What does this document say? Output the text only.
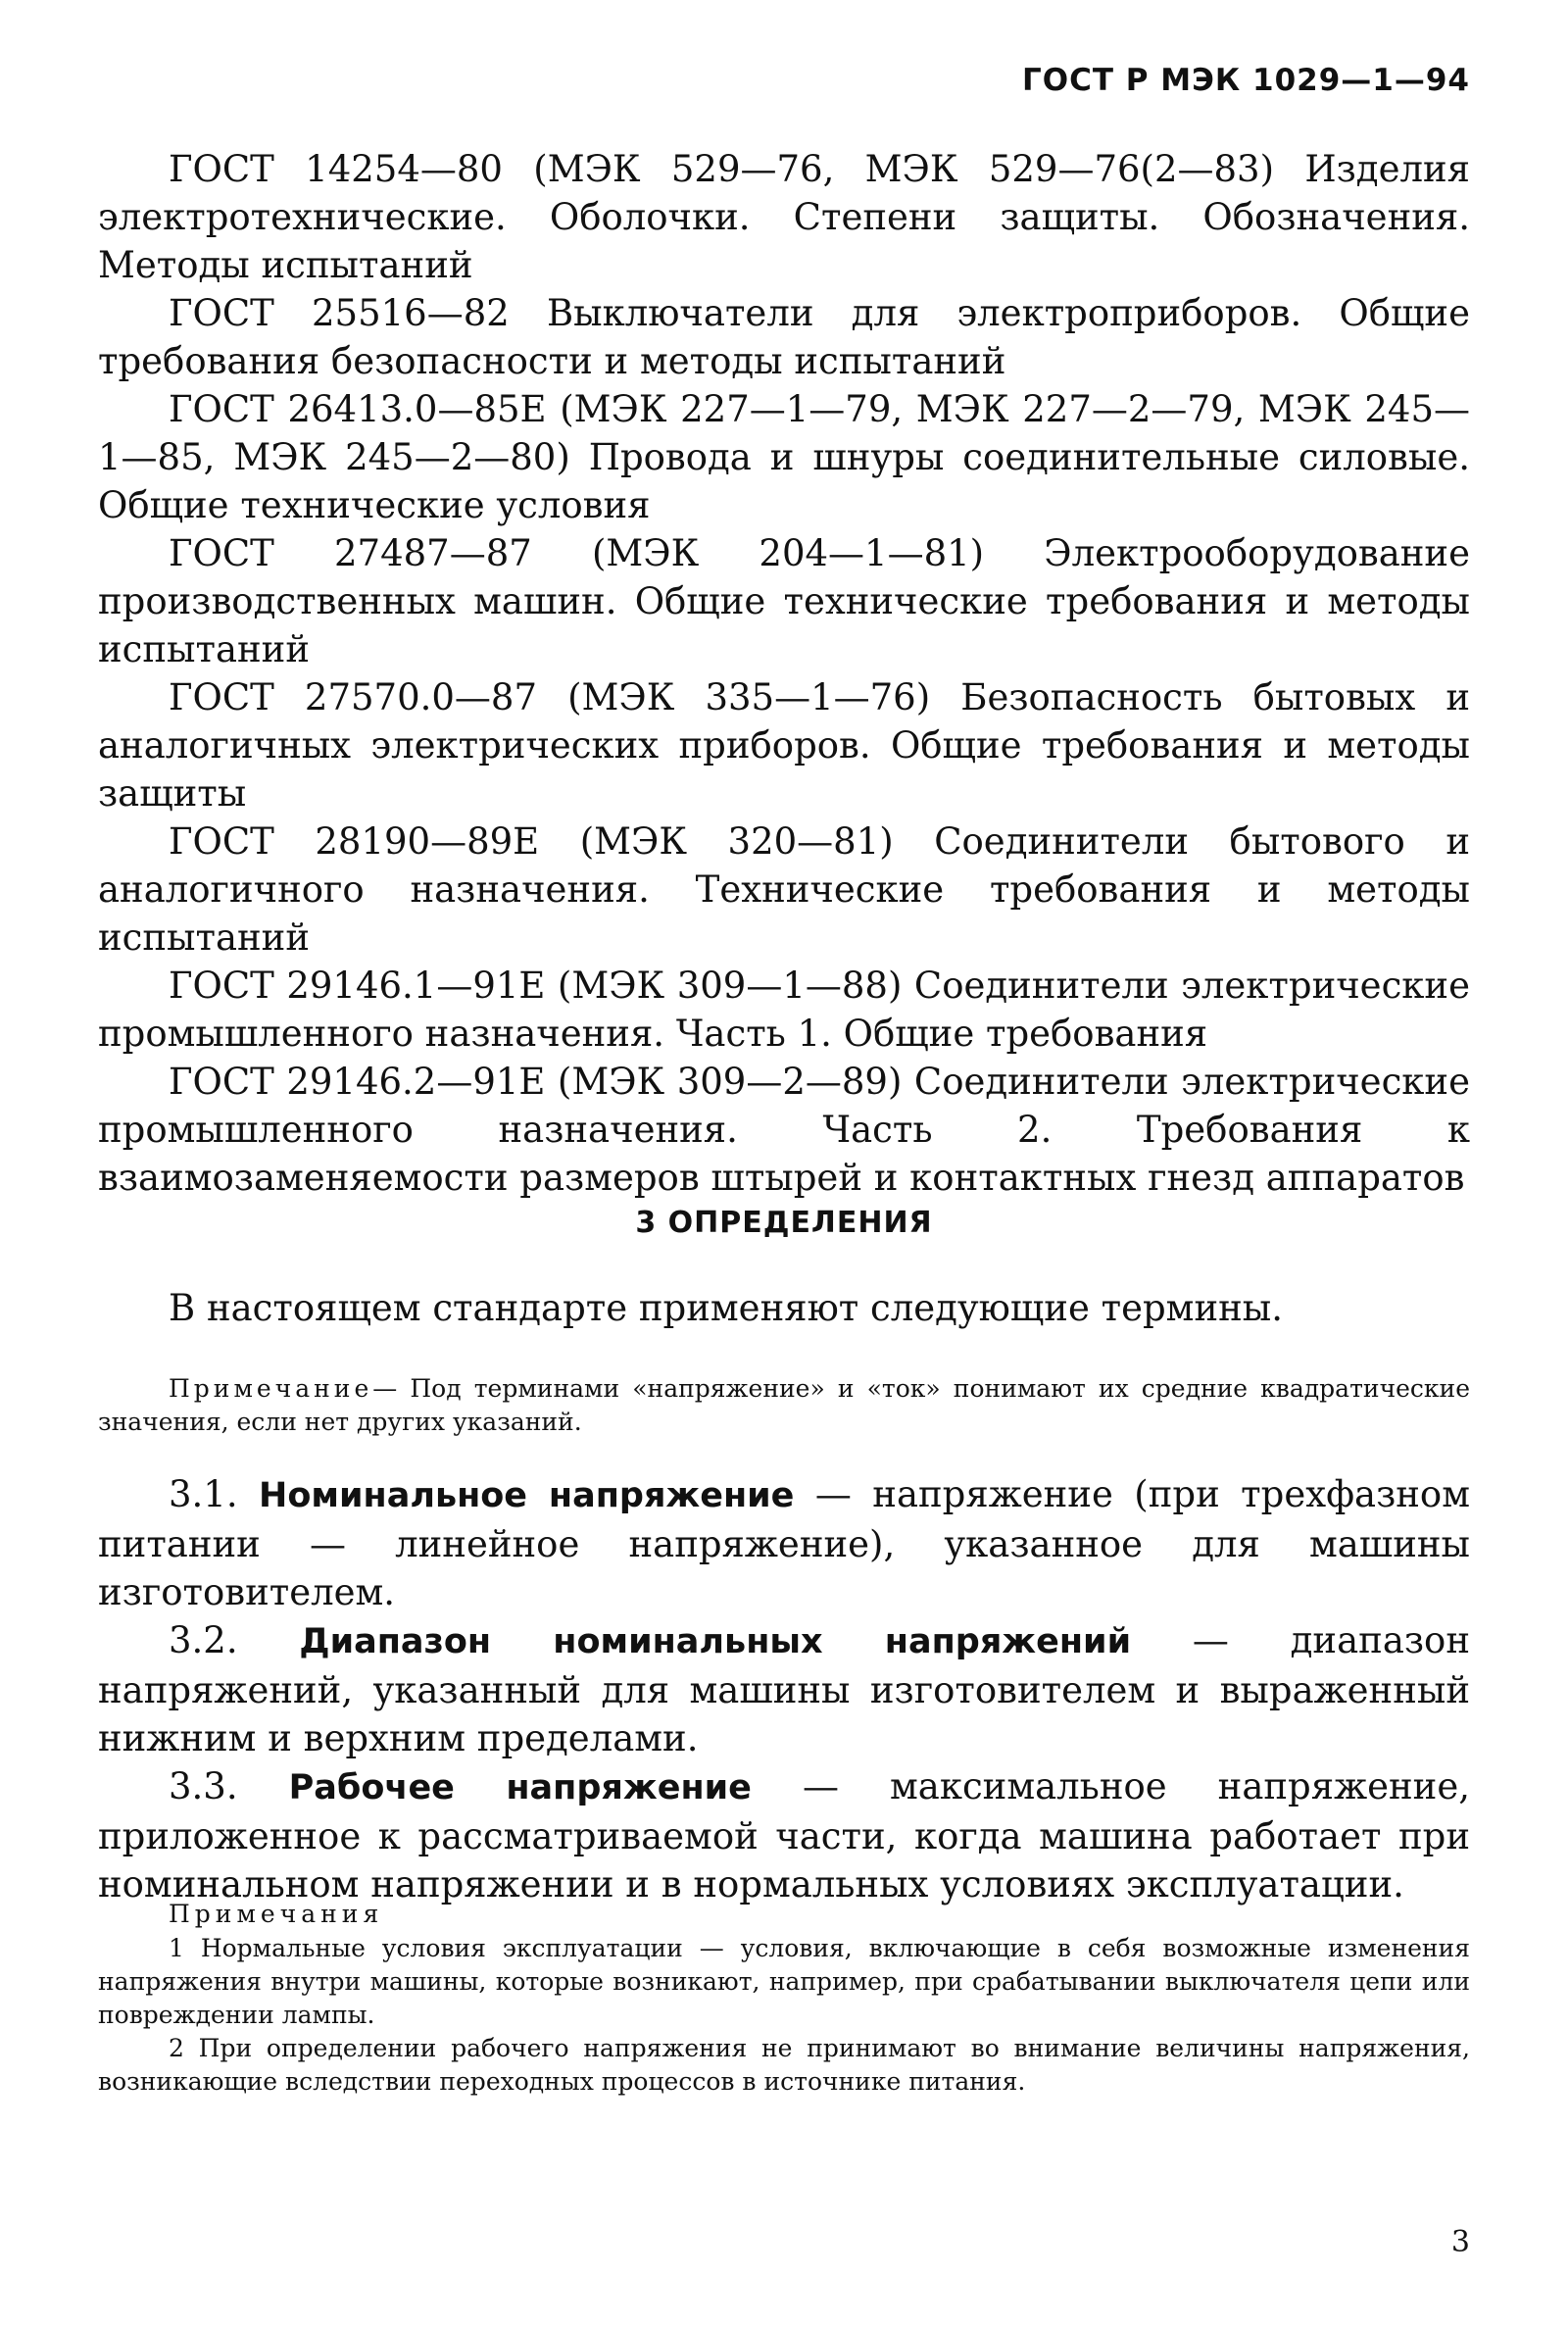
ГОСТ Р МЭК 1029—1—94

ГОСТ 14254—80 (МЭК 529—76, МЭК 529—76(2—83) Изделия электротехнические. Оболочки. Степени защиты. Обозначения. Методы испытаний

ГОСТ 25516—82 Выключатели для электроприборов. Общие требования безопасности и методы испытаний

ГОСТ 26413.0—85Е (МЭК 227—1—79, МЭК 227—2—79, МЭК 245—1—85, МЭК 245—2—80) Провода и шнуры соединительные силовые. Общие технические условия

ГОСТ 27487—87 (МЭК 204—1—81) Электрооборудование производственных машин. Общие технические требования и методы испытаний

ГОСТ 27570.0—87 (МЭК 335—1—76) Безопасность бытовых и аналогичных электрических приборов. Общие требования и методы защиты

ГОСТ 28190—89Е (МЭК 320—81) Соединители бытового и аналогичного назначения. Технические требования и методы испытаний

ГОСТ 29146.1—91Е (МЭК 309—1—88) Соединители электрические промышленного назначения. Часть 1. Общие требования

ГОСТ 29146.2—91Е (МЭК 309—2—89) Соединители электрические промышленного назначения. Часть 2. Требования к взаимозаменяемости размеров штырей и контактных гнезд аппаратов

3 ОПРЕДЕЛЕНИЯ

В настоящем стандарте применяют следующие термины.

Примечание— Под терминами «напряжение» и «ток» понимают их средние квадратические значения, если нет других указаний.

3.1. Номинальное напряжение — напряжение (при трехфазном питании — линейное напряжение), указанное для машины изготовителем.

3.2. Диапазон номинальных напряжений — диапазон напряжений, указанный для машины изготовителем и выраженный нижним и верхним пределами.

3.3. Рабочее напряжение — максимальное напряжение, приложенное к рассматриваемой части, когда машина работает при номинальном напряжении и в нормальных условиях эксплуатации.

Примечания

1 Нормальные условия эксплуатации — условия, включающие в себя возможные изменения напряжения внутри машины, которые возникают, например, при срабатывании выключателя цепи или повреждении лампы.

2 При определении рабочего напряжения не принимают во внимание величины напряжения, возникающие вследствии переходных процессов в источнике питания.

3
